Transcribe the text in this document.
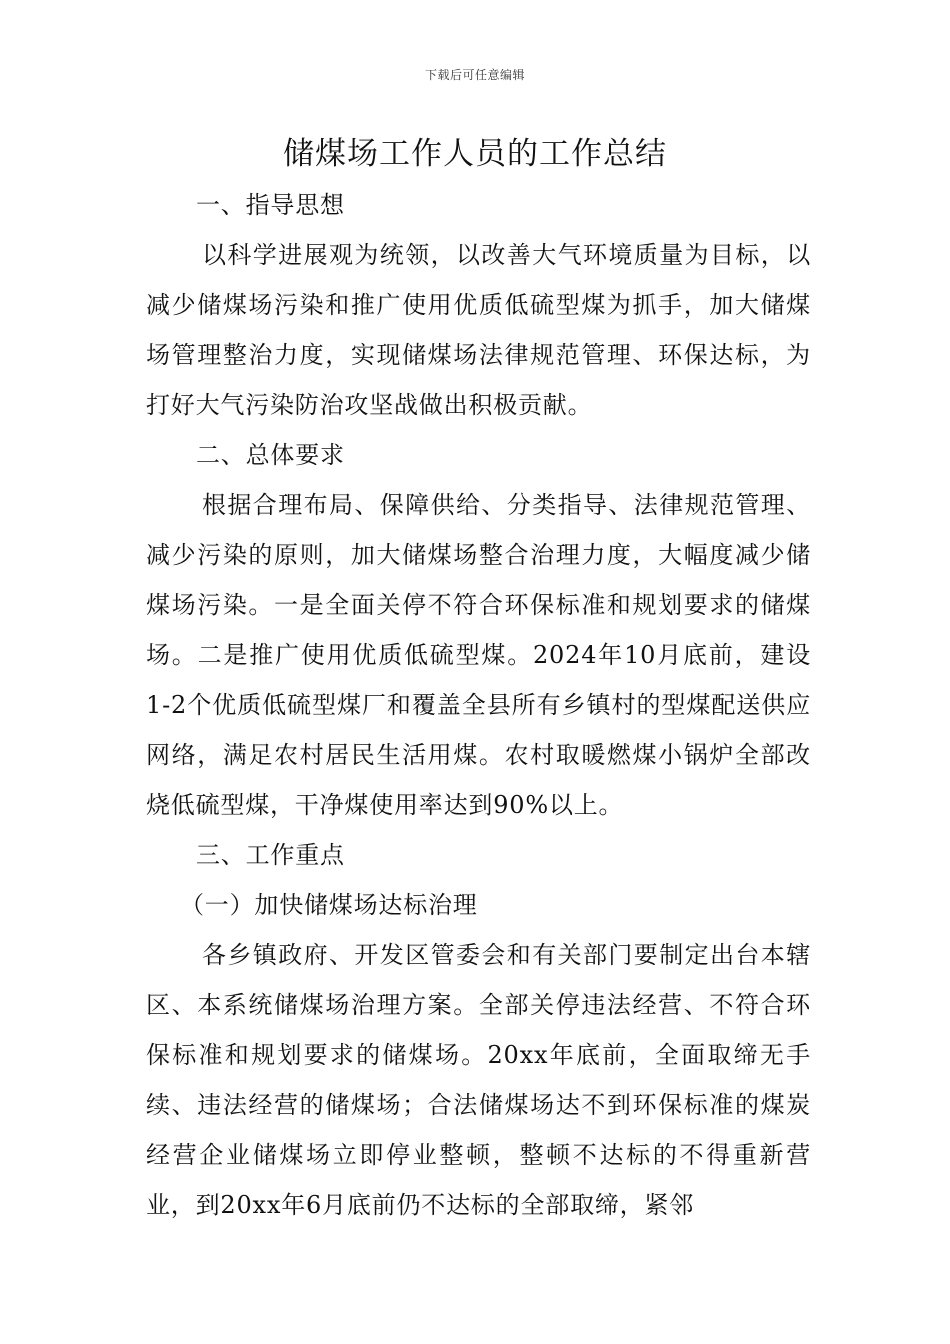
下载后可任意编辑
储煤场工作人员的工作总结

一、指导思想

以科学进展观为统领，以改善大气环境质量为目标，以减少储煤场污染和推广使用优质低硫型煤为抓手，加大储煤场管理整治力度，实现储煤场法律规范管理、环保达标，为打好大气污染防治攻坚战做出积极贡献。

二、总体要求

根据合理布局、保障供给、分类指导、法律规范管理、减少污染的原则，加大储煤场整合治理力度，大幅度减少储煤场污染。一是全面关停不符合环保标准和规划要求的储煤场。二是推广使用优质低硫型煤。2024年10月底前，建设1-2个优质低硫型煤厂和覆盖全县所有乡镇村的型煤配送供应网络，满足农村居民生活用煤。农村取暖燃煤小锅炉全部改烧低硫型煤，干净煤使用率达到90%以上。

三、工作重点

（一）加快储煤场达标治理

各乡镇政府、开发区管委会和有关部门要制定出台本辖区、本系统储煤场治理方案。全部关停违法经营、不符合环保标准和规划要求的储煤场。20xx年底前，全面取缔无手续、违法经营的储煤场；合法储煤场达不到环保标准的煤炭经营企业储煤场立即停业整顿，整顿不达标的不得重新营业，到20xx年6月底前仍不达标的全部取缔，紧邻
